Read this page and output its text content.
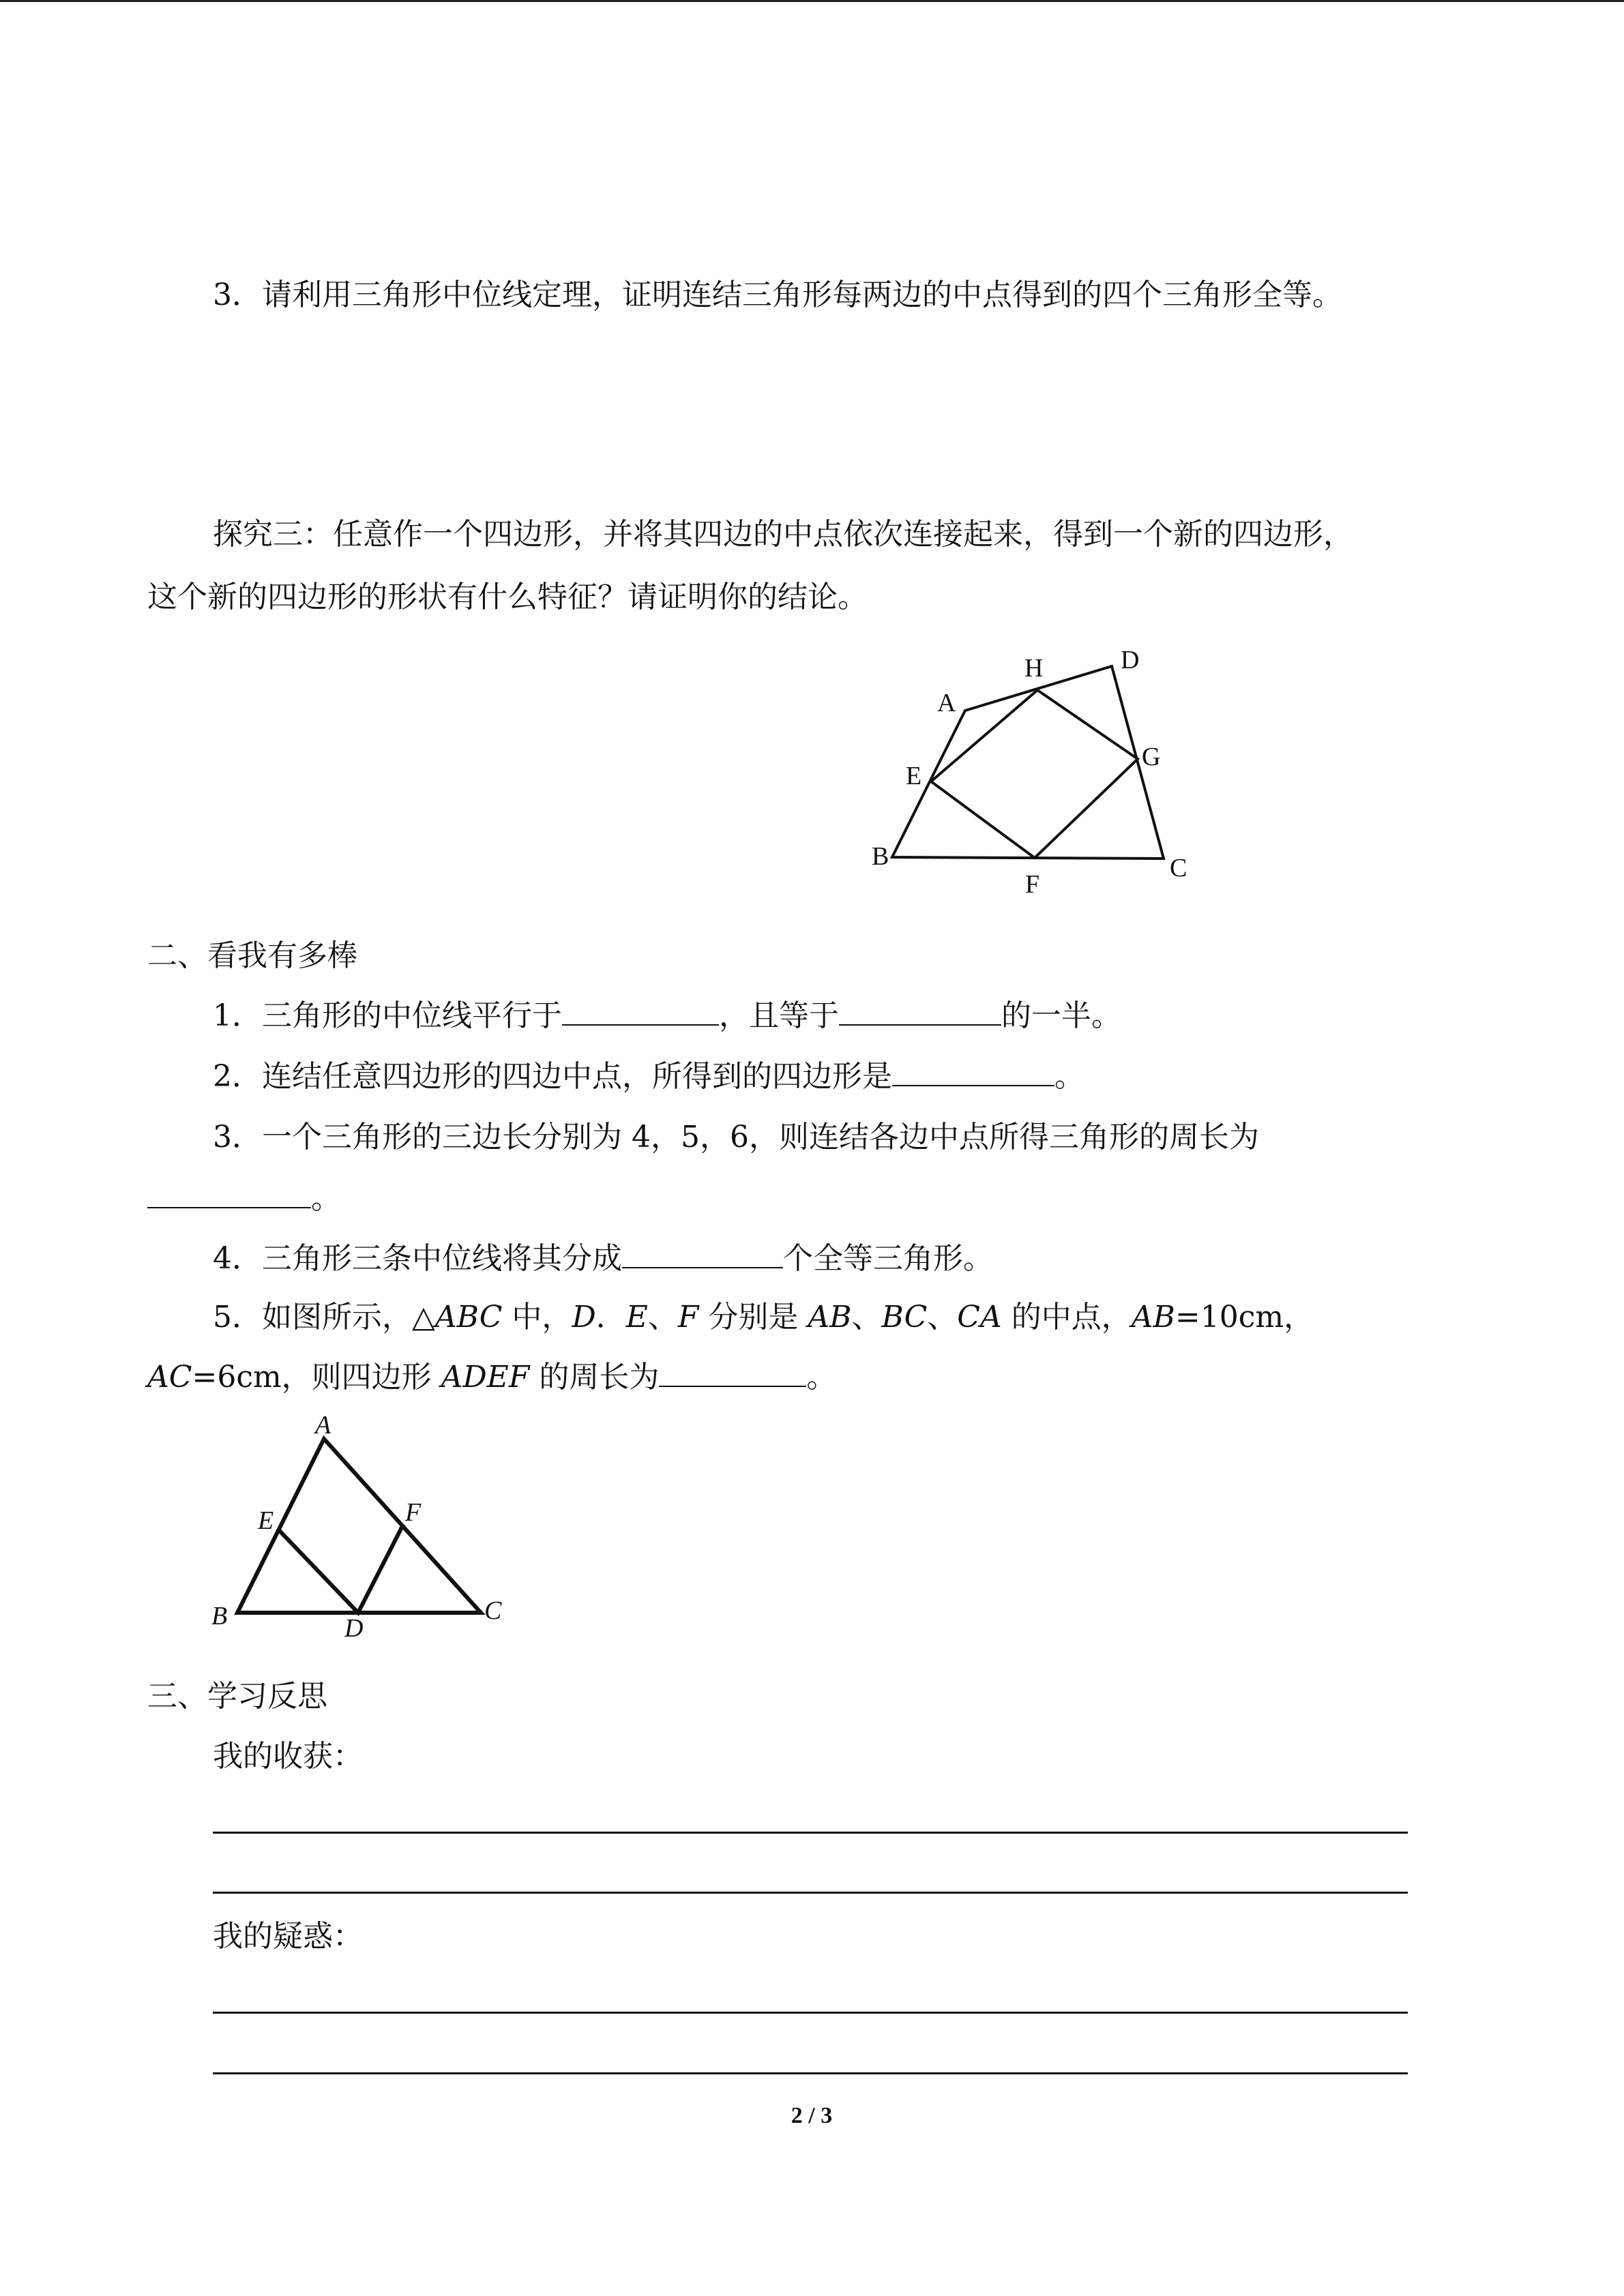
3．请利用三角形中位线定理，证明连结三角形每两边的中点得到的四个三角形全等。
探究三：任意作一个四边形，并将其四边的中点依次连接起来，得到一个新的四边形，
这个新的四边形的形状有什么特征？请证明你的结论。
A
H	D
E
G
B
F
C
二、看我有多棒
1．三角形的中位线平行于	，且等于	的一半。
2．连结任意四边形的四边中点，所得到的四边形是	。
3．一个三角形的三边长分别为 4，5，6，则连结各边中点所得三角形的周长为
。
4．三角形三条中位线将其分成	个全等三角形。
5．如图所示，△ABC 中，D．E、F 分别是 AB、BC、CA 的中点，AB=10cm，
AC=6cm，则四边形 ADEF 的周长为	。
A
E	F
B	D
C
三、学习反思
我的收获：
我的疑惑：
2 / 3
